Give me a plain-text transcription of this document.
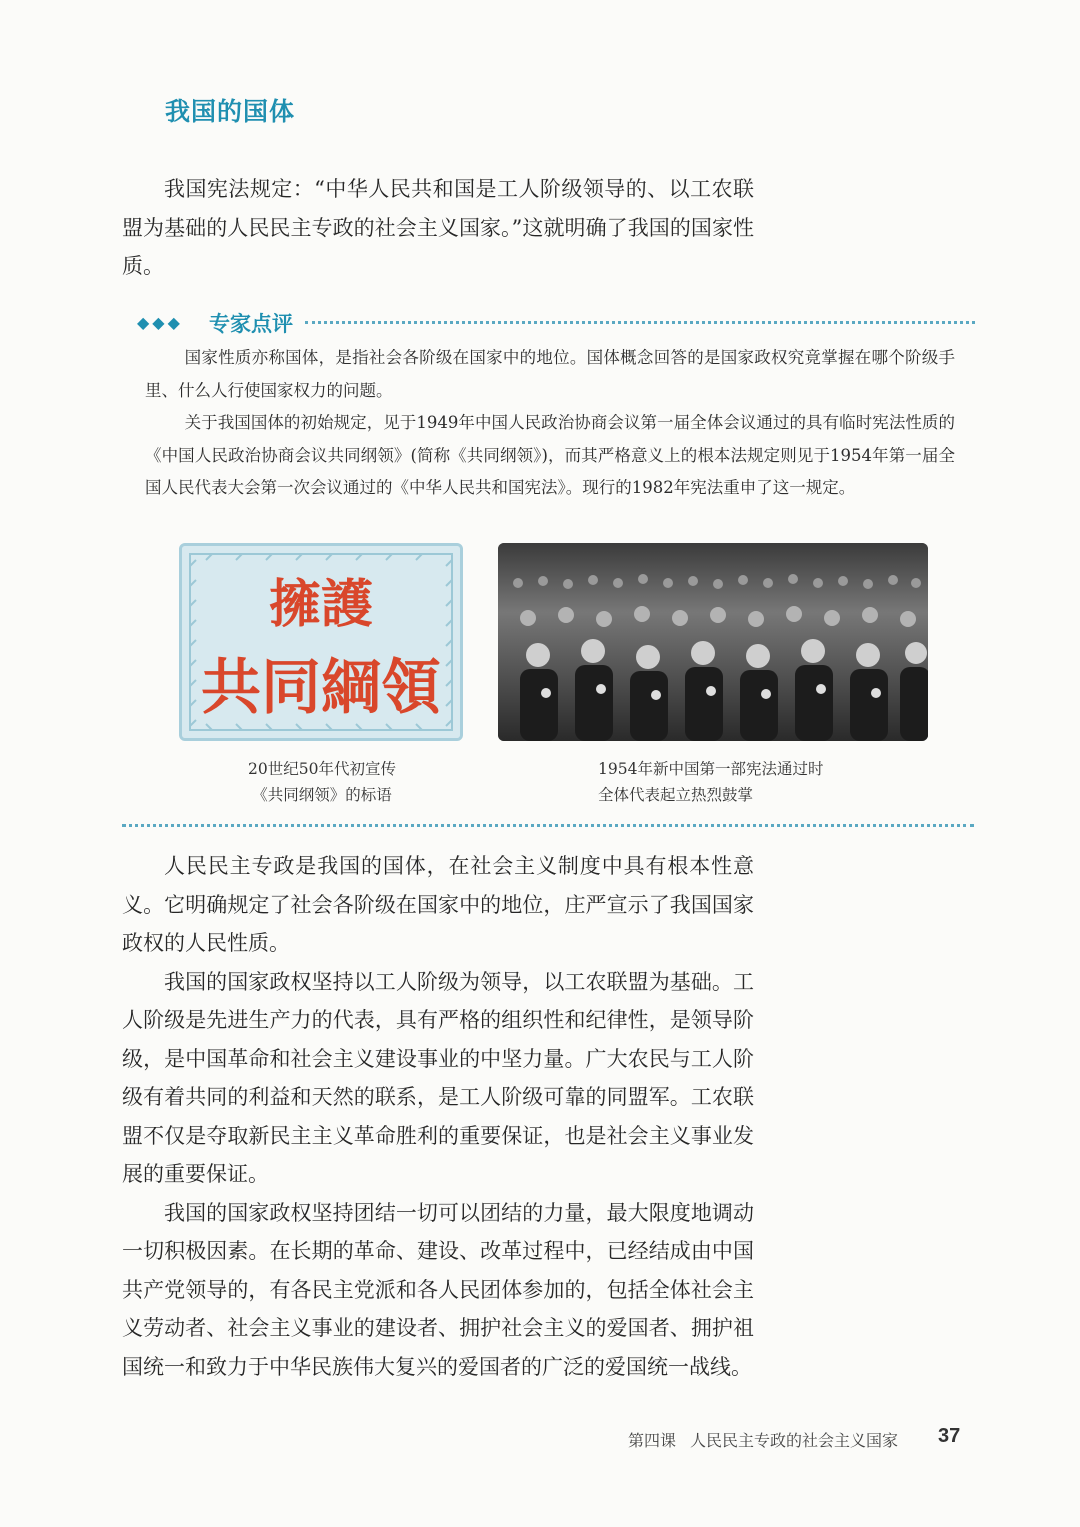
我国的国体

我国宪法规定：“中华人民共和国是工人阶级领导的、以工农联盟为基础的人民民主专政的社会主义国家。”这就明确了我国的国家性质。

◆◆◆ 专家点评

国家性质亦称国体，是指社会各阶级在国家中的地位。国体概念回答的是国家政权究竟掌握在哪个阶级手里、什么人行使国家权力的问题。

关于我国国体的初始规定，见于1949年中国人民政治协商会议第一届全体会议通过的具有临时宪法性质的《中国人民政治协商会议共同纲领》(简称《共同纲领》)，而其严格意义上的根本法规定则见于1954年第一届全国人民代表大会第一次会议通过的《中华人民共和国宪法》。现行的1982年宪法重申了这一规定。

擁護
共同綱領
20世纪50年代初宣传
《共同纲领》的标语
1954年新中国第一部宪法通过时
全体代表起立热烈鼓掌

人民民主专政是我国的国体，在社会主义制度中具有根本性意义。它明确规定了社会各阶级在国家中的地位，庄严宣示了我国国家政权的人民性质。

我国的国家政权坚持以工人阶级为领导，以工农联盟为基础。工人阶级是先进生产力的代表，具有严格的组织性和纪律性，是领导阶级，是中国革命和社会主义建设事业的中坚力量。广大农民与工人阶级有着共同的利益和天然的联系，是工人阶级可靠的同盟军。工农联盟不仅是夺取新民主主义革命胜利的重要保证，也是社会主义事业发展的重要保证。

我国的国家政权坚持团结一切可以团结的力量，最大限度地调动一切积极因素。在长期的革命、建设、改革过程中，已经结成由中国共产党领导的，有各民主党派和各人民团体参加的，包括全体社会主义劳动者、社会主义事业的建设者、拥护社会主义的爱国者、拥护祖国统一和致力于中华民族伟大复兴的爱国者的广泛的爱国统一战线。

第四课 人民民主专政的社会主义国家	37
